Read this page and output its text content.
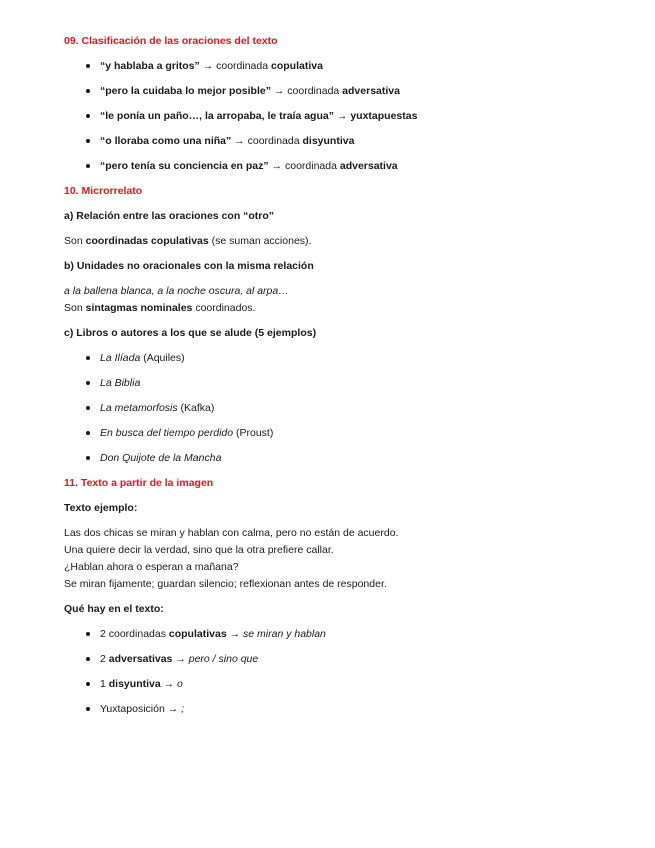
09. Clasificación de las oraciones del texto

“y hablaba a gritos” → coordinada copulativa
“pero la cuidaba lo mejor posible” → coordinada adversativa
“le ponía un paño…, la arropaba, le traía agua” → yuxtapuestas
“o lloraba como una niña” → coordinada disyuntiva
“pero tenía su conciencia en paz” → coordinada adversativa

10. Microrrelato

a) Relación entre las oraciones con “otro”

Son coordinadas copulativas (se suman acciones).

b) Unidades no oracionales con la misma relación

a la ballena blanca, a la noche oscura, al arpa…

Son sintagmas nominales coordinados.

c) Libros o autores a los que se alude (5 ejemplos)

La Ilíada (Aquiles)
La Biblia
La metamorfosis (Kafka)
En busca del tiempo perdido (Proust)
Don Quijote de la Mancha

11. Texto a partir de la imagen

Texto ejemplo:

Las dos chicas se miran y hablan con calma, pero no están de acuerdo.

Una quiere decir la verdad, sino que la otra prefiere callar.

¿Hablan ahora o esperan a mañana?

Se miran fijamente; guardan silencio; reflexionan antes de responder.

Qué hay en el texto:

2 coordinadas copulativas → se miran y hablan
2 adversativas → pero / sino que
1 disyuntiva → o
Yuxtaposición → ;
